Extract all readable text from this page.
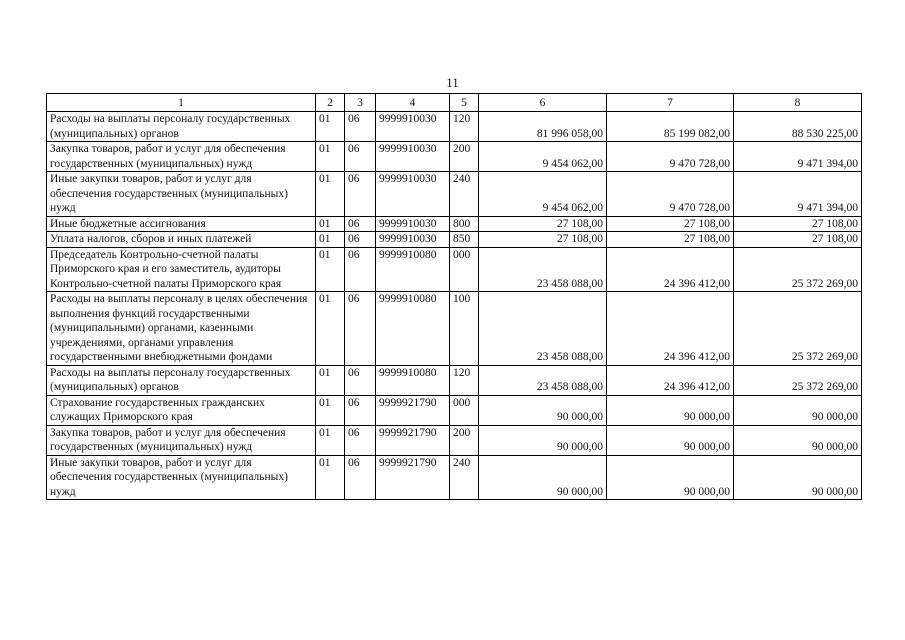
11
1	2	3	4	5	6	7	8
Расходы на выплаты персоналу государственных (муниципальных) органов	01	06	9999910030	120	81 996 058,00	85 199 082,00	88 530 225,00
Закупка товаров, работ и услуг для обеспечения государственных (муниципальных) нужд	01	06	9999910030	200	9 454 062,00	9 470 728,00	9 471 394,00
Иные закупки товаров, работ и услуг для обеспечения государственных (муниципальных) нужд	01	06	9999910030	240	9 454 062,00	9 470 728,00	9 471 394,00
Иные бюджетные ассигнования	01	06	9999910030	800	27 108,00	27 108,00	27 108,00
Уплата налогов, сборов и иных платежей	01	06	9999910030	850	27 108,00	27 108,00	27 108,00
Председатель Контрольно-счетной палаты Приморского края и его заместитель, аудиторы Контрольно-счетной палаты Приморского края	01	06	9999910080	000	23 458 088,00	24 396 412,00	25 372 269,00
Расходы на выплаты персоналу в целях обеспечения выполнения функций государственными (муниципальными) органами, казенными учреждениями, органами управления государственными внебюджетными фондами	01	06	9999910080	100	23 458 088,00	24 396 412,00	25 372 269,00
Расходы на выплаты персоналу государственных (муниципальных) органов	01	06	9999910080	120	23 458 088,00	24 396 412,00	25 372 269,00
Страхование государственных гражданских служащих Приморского края	01	06	9999921790	000	90 000,00	90 000,00	90 000,00
Закупка товаров, работ и услуг для обеспечения государственных (муниципальных) нужд	01	06	9999921790	200	90 000,00	90 000,00	90 000,00
Иные закупки товаров, работ и услуг для обеспечения государственных (муниципальных) нужд	01	06	9999921790	240	90 000,00	90 000,00	90 000,00
